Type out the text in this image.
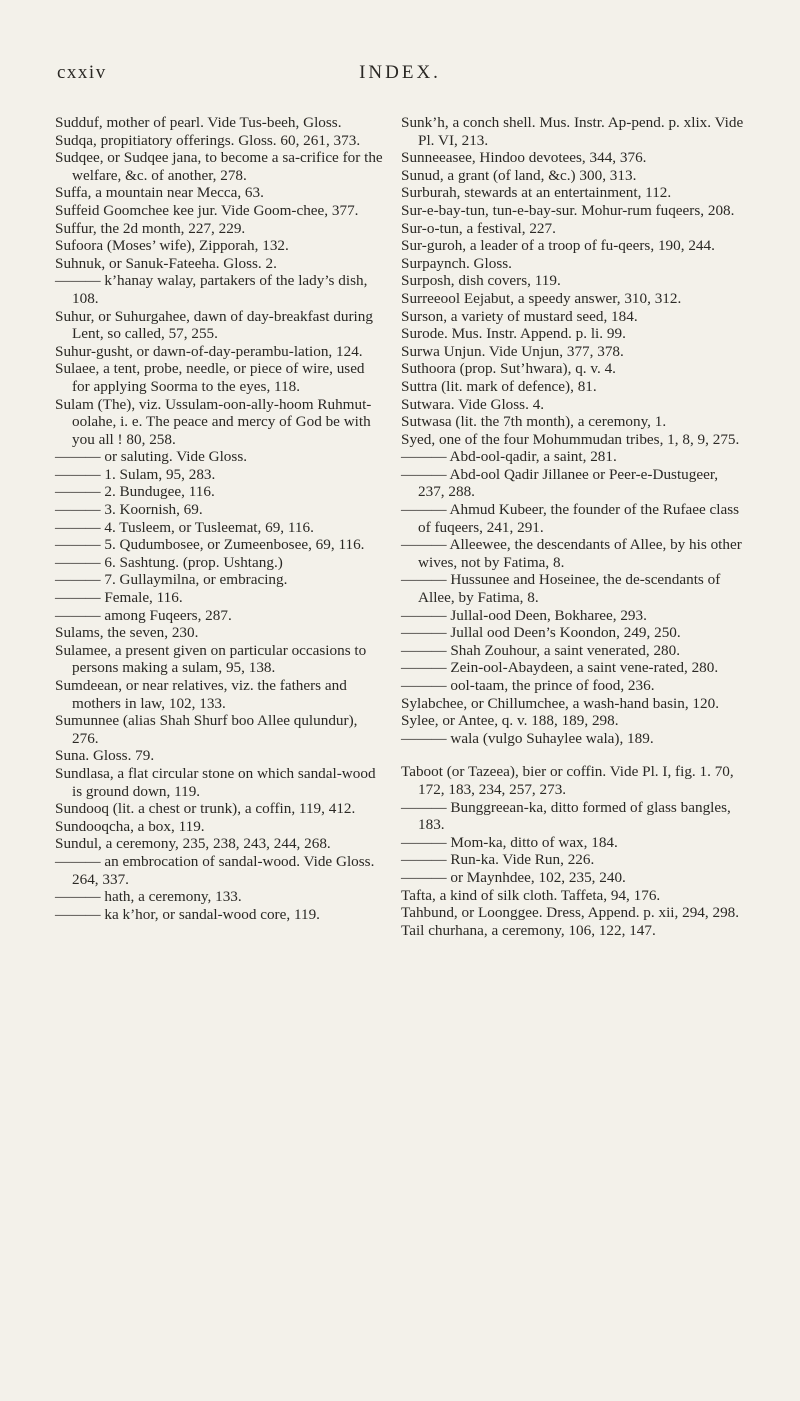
cxxiv	INDEX.

Sudduf, mother of pearl. Vide Tus-beeh, Gloss.

Sudqa, propitiatory offerings. Gloss. 60, 261, 373.

Sudqee, or Sudqee jana, to become a sa-crifice for the welfare, &c. of another, 278.

Suffa, a mountain near Mecca, 63.

Suffeid Goomchee kee jur. Vide Goom-chee, 377.

Suffur, the 2d month, 227, 229.

Sufoora (Moses’ wife), Zipporah, 132.

Suhnuk, or Sanuk-Fateeha. Gloss. 2.

——— k’hanay walay, partakers of the lady’s dish, 108.

Suhur, or Suhurgahee, dawn of day-breakfast during Lent, so called, 57, 255.

Suhur-gusht, or dawn-of-day-perambu-lation, 124.

Sulaee, a tent, probe, needle, or piece of wire, used for applying Soorma to the eyes, 118.

Sulam (The), viz. Ussulam-oon-ally-hoom Ruhmut-oolahe, i. e. The peace and mercy of God be with you all ! 80, 258.

——— or saluting. Vide Gloss.

——— 1. Sulam, 95, 283.

——— 2. Bundugee, 116.

——— 3. Koornish, 69.

——— 4. Tusleem, or Tusleemat, 69, 116.

——— 5. Qudumbosee, or Zumeenbosee, 69, 116.

——— 6. Sashtung. (prop. Ushtang.)

——— 7. Gullaymilna, or embracing.

——— Female, 116.

——— among Fuqeers, 287.

Sulams, the seven, 230.

Sulamee, a present given on particular occasions to persons making a sulam, 95, 138.

Sumdeean, or near relatives, viz. the fathers and mothers in law, 102, 133.

Sumunnee (alias Shah Shurf boo Allee qulundur), 276.

Suna. Gloss. 79.

Sundlasa, a flat circular stone on which sandal-wood is ground down, 119.

Sundooq (lit. a chest or trunk), a coffin, 119, 412.

Sundooqcha, a box, 119.

Sundul, a ceremony, 235, 238, 243, 244, 268.

——— an embrocation of sandal-wood. Vide Gloss. 264, 337.

——— hath, a ceremony, 133.

——— ka k’hor, or sandal-wood core, 119.

Sunk’h, a conch shell. Mus. Instr. Ap-pend. p. xlix. Vide Pl. VI, 213.

Sunneeasee, Hindoo devotees, 344, 376.

Sunud, a grant (of land, &c.) 300, 313.

Surburah, stewards at an entertainment, 112.

Sur-e-bay-tun, tun-e-bay-sur. Mohur-rum fuqeers, 208.

Sur-o-tun, a festival, 227.

Sur-guroh, a leader of a troop of fu-qeers, 190, 244.

Surpaynch. Gloss.

Surposh, dish covers, 119.

Surreeool Eejabut, a speedy answer, 310, 312.

Surson, a variety of mustard seed, 184.

Surode. Mus. Instr. Append. p. li. 99.

Surwa Unjun. Vide Unjun, 377, 378.

Suthoora (prop. Sut’hwara), q. v. 4.

Suttra (lit. mark of defence), 81.

Sutwara. Vide Gloss. 4.

Sutwasa (lit. the 7th month), a ceremony, 1.

Syed, one of the four Mohummudan tribes, 1, 8, 9, 275.

——— Abd-ool-qadir, a saint, 281.

——— Abd-ool Qadir Jillanee or Peer-e-Dustugeer, 237, 288.

——— Ahmud Kubeer, the founder of the Rufaee class of fuqeers, 241, 291.

——— Alleewee, the descendants of Allee, by his other wives, not by Fatima, 8.

——— Hussunee and Hoseinee, the de-scendants of Allee, by Fatima, 8.

——— Jullal-ood Deen, Bokharee, 293.

——— Jullal ood Deen’s Koondon, 249, 250.

——— Shah Zouhour, a saint venerated, 280.

——— Zein-ool-Abaydeen, a saint vene-rated, 280.

——— ool-taam, the prince of food, 236.

Sylabchee, or Chillumchee, a wash-hand basin, 120.

Sylee, or Antee, q. v. 188, 189, 298.

——— wala (vulgo Suhaylee wala), 189.

Taboot (or Tazeea), bier or coffin. Vide Pl. I, fig. 1. 70, 172, 183, 234, 257, 273.

——— Bunggreean-ka, ditto formed of glass bangles, 183.

——— Mom-ka, ditto of wax, 184.

——— Run-ka. Vide Run, 226.

——— or Maynhdee, 102, 235, 240.

Tafta, a kind of silk cloth. Taffeta, 94, 176.

Tahbund, or Loonggee. Dress, Append. p. xii, 294, 298.

Tail churhana, a ceremony, 106, 122, 147.
